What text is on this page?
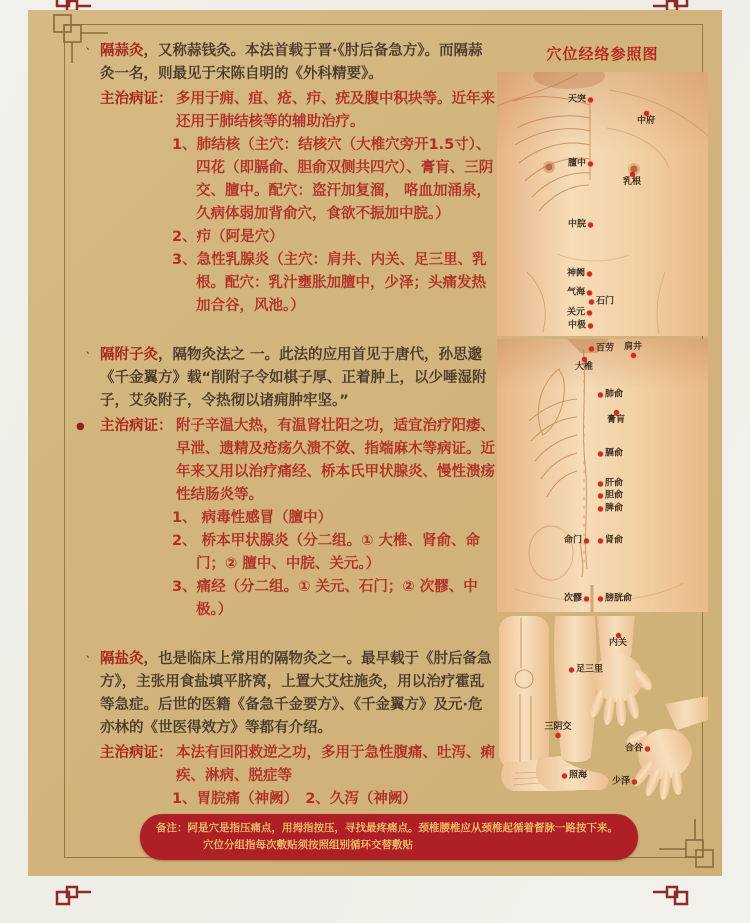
、 隔蒜灸，又称蒜钱灸。本法首载于晋·《肘后备急方》。而隔蒜灸一名，则最见于宋陈自明的《外科精要》。

主治病证： 多用于痈、疽、疮、疖、疣及腹中积块等。近年来还用于肺结核等的辅助治疗。
1、肺结核（主穴：结核穴（大椎穴旁开1.5寸）、四花（即膈俞、胆俞双侧共四穴）、膏肓、三阴交、膻中。配穴：盗汗加复溜， 咯血加涌泉，久病体弱加背俞穴，食欲不振加中脘。）
2、疖（阿是穴）
3、急性乳腺炎（主穴：肩井、内关、足三里、乳根。配穴：乳汁壅胀加膻中，少泽；头痛发热加合谷，风池。）

、 隔附子灸，隔物灸法之 一。此法的应用首见于唐代，孙思邈《千金翼方》载“削附子令如棋子厚、正着肿上，以少唾湿附子，艾灸附子，令热彻以诸痈肿牢坚。”

● 主治病证： 附子辛温大热，有温肾壮阳之功，适宜治疗阳痿、早泄、遗精及疮疡久溃不敛、指端麻木等病证。近年来又用以治疗痛经、桥本氏甲状腺炎、慢性溃疡性结肠炎等。
1、 病毒性感冒（膻中）
2、 桥本甲状腺炎（分二组。① 大椎、肾俞、命门；② 膻中、中脘、关元。）
3、痛经（分二组。① 关元、石门；② 次髎、中极。）

、 隔盐灸，也是临床上常用的隔物灸之一。最早载于《肘后备急方》，主张用食盐填平脐窝，上置大艾炷施灸，用以治疗霍乱等急症。后世的医籍《备急千金要方》、《千金翼方》及元·危亦林的《世医得效方》等都有介绍。

主治病证： 本法有回阳救逆之功，多用于急性腹痛、吐泻、痢疾、淋病、脱症等
1、胃脘痛（神阙）　2、久泻（神阙）
穴位经络参照图
天突
中府
膻中
乳根
中脘
神阙
气海
石门
关元
中极
百劳 肩井
大椎
肺俞
膏肓
膈俞
肝俞
胆俞
脾俞
命门	肾俞
次髎	膀胱俞
足三里
内关
三阴交
照海
合谷
少泽
备注：阿是穴是指压痛点，用拇指按压，寻找最疼痛点。颈椎腰椎应从颈椎起循着督脉一路按下来。
穴位分组指每次敷贴须按照组别循环交替敷贴
